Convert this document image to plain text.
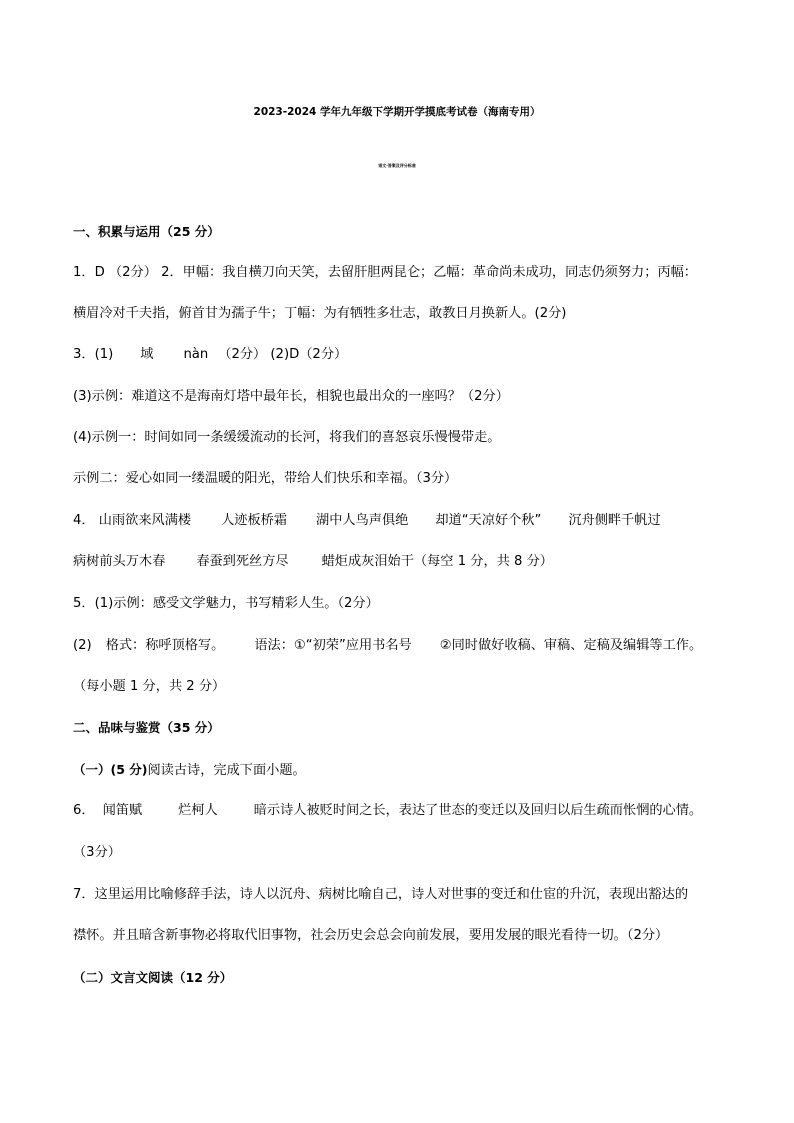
2023-2024 学年九年级下学期开学摸底考试卷（海南专用）
语文·答案及评分标准
一、积累与运用（25 分）
1．D （2分） 2．甲幅：我自横刀向天笑，去留肝胆两昆仑；乙幅：革命尚未成功，同志仍须努力；丙幅：
横眉冷对千夫指，俯首甘为孺子牛；丁幅：为有牺牲多壮志，敢教日月换新人。(2分)
3．(1) 域 nàn （2分） (2)D（2分）
(3)示例：难道这不是海南灯塔中最年长，相貌也最出众的一座吗？（2分）
(4)示例一：时间如同一条缓缓流动的长河，将我们的喜怒哀乐慢慢带走。
示例二：爱心如同一缕温暖的阳光，带给人们快乐和幸福。（3分）
4． 山雨欲来风满楼 人迹板桥霜 湖中人鸟声俱绝 却道“天凉好个秋” 沉舟侧畔千帆过
病树前头万木春 春蚕到死丝方尽	蜡炬成灰泪始干（每空 1 分，共 8 分）
5．(1)示例：感受文学魅力，书写精彩人生。（2分）
(2) 格式：称呼顶格写。 语法：①“初荣”应用书名号 ②同时做好收稿、审稿、定稿及编辑等工作。
（每小题 1 分，共 2 分）
二、品味与鉴赏（35 分）
（一）(5 分)阅读古诗，完成下面小题。
6． 闻笛赋	烂柯人	暗示诗人被贬时间之长，表达了世态的变迁以及回归以后生疏而怅惘的心情。
（3分）
7．这里运用比喻修辞手法，诗人以沉舟、病树比喻自己，诗人对世事的变迁和仕宦的升沉，表现出豁达的
襟怀。并且暗含新事物必将取代旧事物，社会历史会总会向前发展，要用发展的眼光看待一切。（2分）
（二）文言文阅读（12 分）
